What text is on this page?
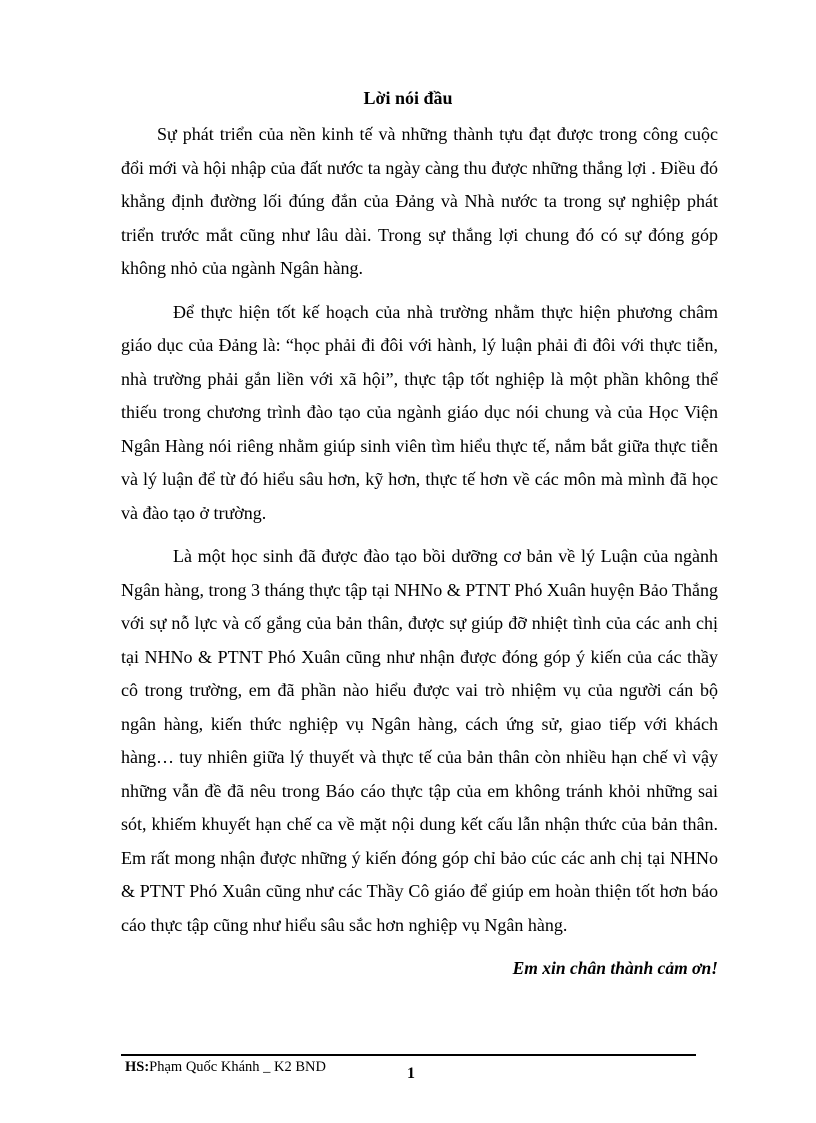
Lời nói đầu

Sự phát triển của nền kinh tế và những thành tựu đạt được trong công cuộc đổi mới và hội nhập của đất nước ta ngày càng thu được những thắng lợi . Điều đó khẳng định đường lối đúng đắn của Đảng và Nhà nước ta trong sự nghiệp phát triển trước mắt cũng như lâu dài. Trong sự thắng lợi chung đó có sự đóng góp không nhỏ của ngành Ngân hàng.

Để thực hiện tốt kế hoạch của nhà trường nhằm thực hiện phương châm giáo dục của Đảng là: “học phải đi đôi với hành, lý luận phải đi đôi với thực tiễn, nhà trường phải gắn liền với xã hội”, thực tập tốt nghiệp là một phần không thể thiếu trong chương trình đào tạo của ngành giáo dục nói chung và của Học Viện Ngân Hàng nói riêng nhằm giúp sinh viên tìm hiểu thực tế, nắm bắt giữa thực tiễn và lý luận để từ đó hiểu sâu hơn, kỹ hơn, thực tế hơn về các môn mà mình đã học và đào tạo ở trường.

Là một học sinh đã được đào tạo bồi dưỡng cơ bản về lý Luận của ngành Ngân hàng, trong 3 tháng thực tập tại NHNo & PTNT Phó Xuân huyện Bảo Thắng với sự nỗ lực và cố gắng của bản thân, được sự giúp đỡ nhiệt tình của các anh chị tại NHNo & PTNT Phó Xuân cũng như nhận được đóng góp ý kiến của các thầy cô trong trường, em đã phần nào hiểu được vai trò nhiệm vụ của người cán bộ ngân hàng, kiến thức nghiệp vụ Ngân hàng, cách ứng sử, giao tiếp với khách hàng… tuy nhiên giữa lý thuyết và thực tế của bản thân còn nhiều hạn chế vì vậy những vẫn đề đã nêu trong Báo cáo thực tập của em không tránh khỏi những sai sót, khiếm khuyết hạn chế ca về mặt nội dung kết cấu lẫn nhận thức của bản thân. Em rất mong nhận được những ý kiến đóng góp chỉ bảo cúc các anh chị tại NHNo & PTNT Phó Xuân cũng như các Thầy Cô giáo để giúp em hoàn thiện tốt hơn báo cáo thực tập cũng như hiểu sâu sắc hơn nghiệp vụ Ngân hàng.

Em xin chân thành cảm ơn!

HS:Phạm Quốc Khánh _ K2 BND	1
